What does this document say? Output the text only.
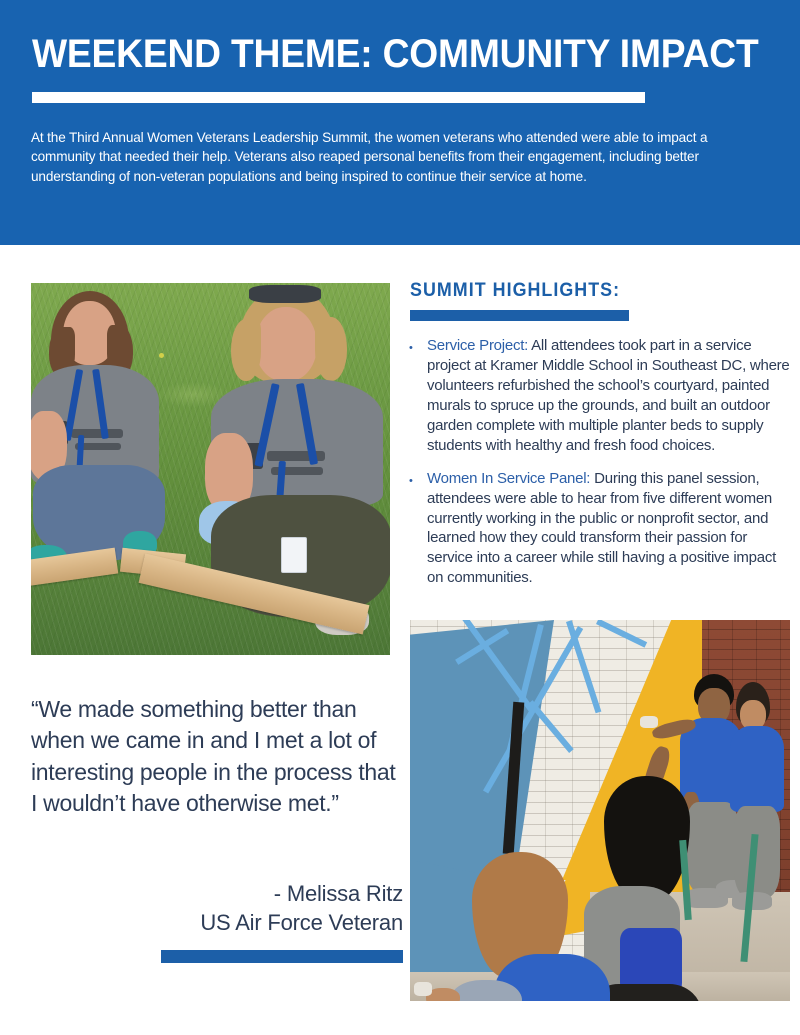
WEEKEND THEME: COMMUNITY IMPACT
At the Third Annual Women Veterans Leadership Summit, the women veterans who attended were able to impact a community that needed their help. Veterans also reaped personal benefits from their engagement, including better understanding of non-veteran populations and being inspired to continue their service at home.
“We made something better than when we came in and I met a lot of interesting people in the process that I wouldn’t have otherwise met.”
- Melissa Ritz
US Air Force Veteran
SUMMIT HIGHLIGHTS:
• Service Project: All attendees took part in a service project at Kramer Middle School in Southeast DC, where volunteers refurbished the school’s courtyard, painted murals to spruce up the grounds, and built an outdoor garden complete with multiple planter beds to supply students with healthy and fresh food choices.
• Women In Service Panel: During this panel session, attendees were able to hear from five different women currently working in the public or nonprofit sector, and learned how they could transform their passion for service into a career while still having a positive impact on communities.
